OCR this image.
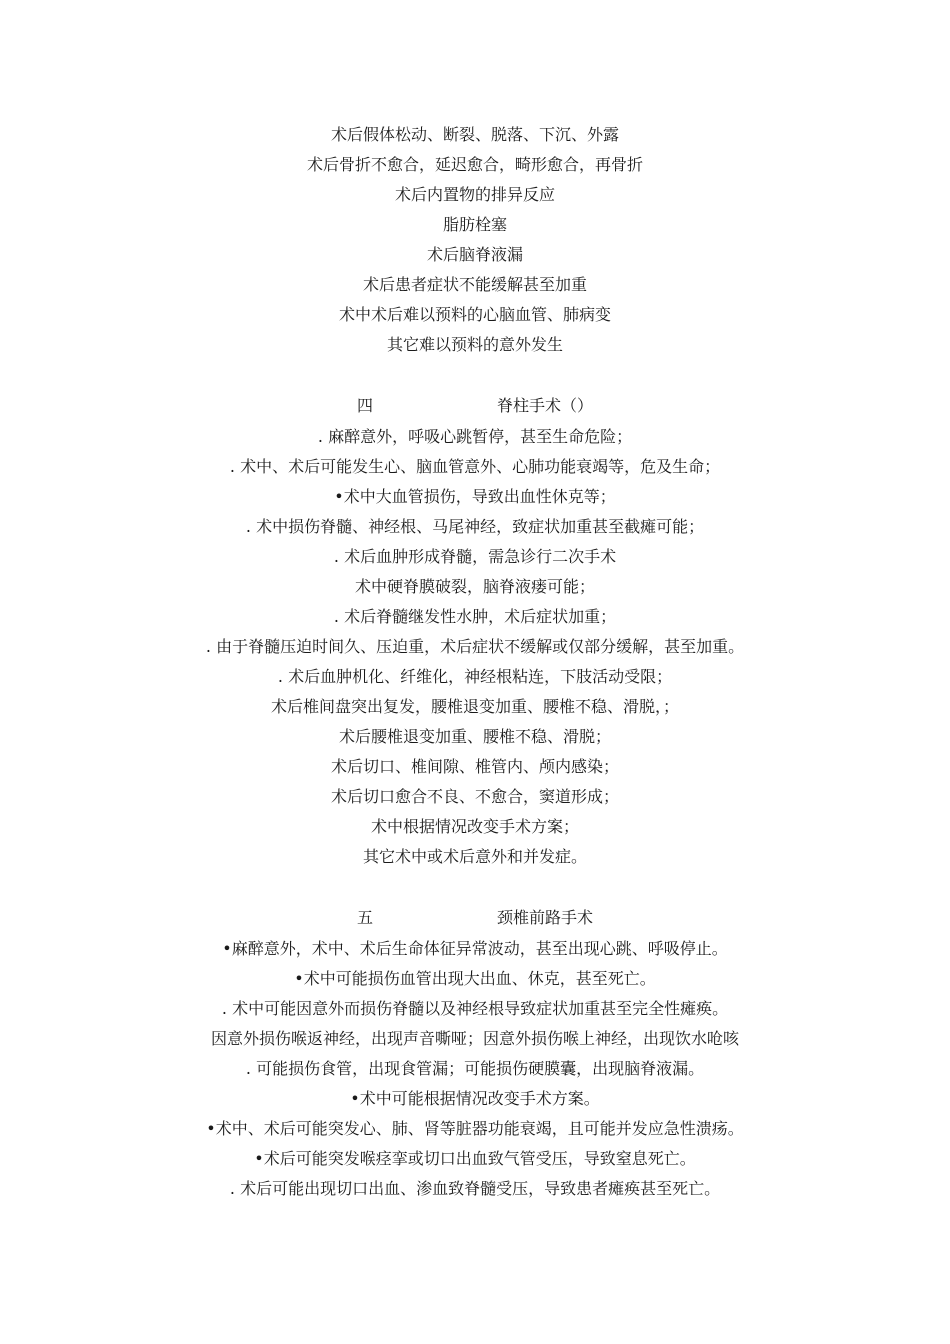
术后假体松动、断裂、脱落、下沉、外露
术后骨折不愈合，延迟愈合，畸形愈合，再骨折
术后内置物的排异反应
脂肪栓塞
术后脑脊液漏
术后患者症状不能缓解甚至加重
术中术后难以预料的心脑血管、肺病变
其它难以预料的意外发生
四	脊柱手术（）
. 麻醉意外，呼吸心跳暂停，甚至生命危险；
. 术中、术后可能发生心、脑血管意外、心肺功能衰竭等，危及生命；
•术中大血管损伤，导致出血性休克等；
. 术中损伤脊髓、神经根、马尾神经，致症状加重甚至截瘫可能；
. 术后血肿形成脊髓，需急诊行二次手术
术中硬脊膜破裂，脑脊液瘘可能；
. 术后脊髓继发性水肿，术后症状加重；
. 由于脊髓压迫时间久、压迫重，术后症状不缓解或仅部分缓解，甚至加重。
. 术后血肿机化、纤维化，神经根粘连，下肢活动受限；
术后椎间盘突出复发，腰椎退变加重、腰椎不稳、滑脱，；
术后腰椎退变加重、腰椎不稳、滑脱；
术后切口、椎间隙、椎管内、颅内感染；
术后切口愈合不良、不愈合，窦道形成；
术中根据情况改变手术方案；
其它术中或术后意外和并发症。
五	颈椎前路手术
•麻醉意外，术中、术后生命体征异常波动，甚至出现心跳、呼吸停止。
•术中可能损伤血管出现大出血、休克，甚至死亡。
. 术中可能因意外而损伤脊髓以及神经根导致症状加重甚至完全性瘫痪。
因意外损伤喉返神经，出现声音嘶哑；因意外损伤喉上神经，出现饮水呛咳
. 可能损伤食管，出现食管漏；可能损伤硬膜囊，出现脑脊液漏。
•术中可能根据情况改变手术方案。
•术中、术后可能突发心、肺、肾等脏器功能衰竭，且可能并发应急性溃疡。
•术后可能突发喉痉挛或切口出血致气管受压，导致窒息死亡。
. 术后可能出现切口出血、渗血致脊髓受压，导致患者瘫痪甚至死亡。
